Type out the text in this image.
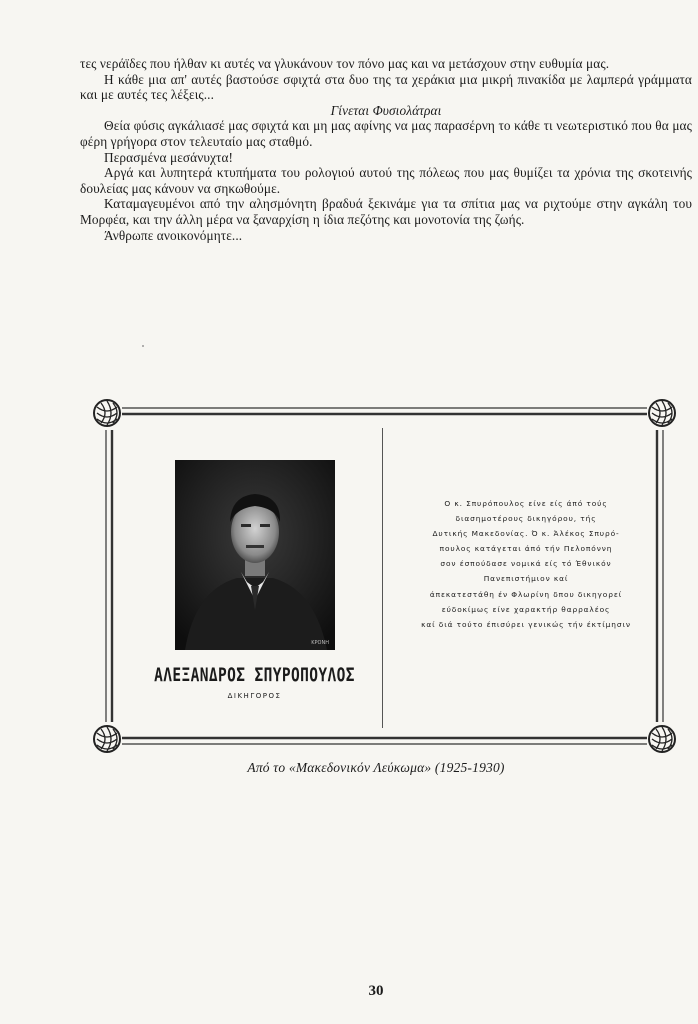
τες νεράϊδες που ήλθαν κι αυτές να γλυκάνουν τον πόνο μας και να μετάσχουν στην ευθυμία μας.

Η κάθε μια απ' αυτές βαστούσε σφιχτά στα δυο της τα χεράκια μια μικρή πινακίδα με λαμπερά γράμματα και με αυτές τες λέξεις...

Γίνεται Φυσιολάτραι

Θεία φύσις αγκάλιασέ μας σφιχτά και μη μας αφίνης να μας παρασέρνη το κάθε τι νεωτεριστικό που θα μας φέρη γρήγορα στον τελευταίο μας σταθμό.

Περασμένα μεσάνυχτα!

Αργά και λυπητερά κτυπήματα του ρολογιού αυτού της πόλεως που μας θυμίζει τα χρόνια της σκοτεινής δουλείας μας κάνουν να σηκωθούμε.

Καταμαγευμένοι από την αλησμόνητη βραδυά ξεκινάμε για τα σπίτια μας να ριχτούμε στην αγκάλη του Μορφέα, και την άλλη μέρα να ξαναρχίση η ίδια πεζότης και μονοτονία της ζωής.

Άνθρωπε ανοικονόμητε...

ΚΡΟΝΗ
ΑΛΕΞΑΝΔΡΟΣ ΣΠΥΡΟΠΟΥΛΟΣ
ΔΙΚΗΓΟΡΟΣ
Ο κ. Σπυρόπουλος είνε είς άπό τούς
διασημοτέρους δικηγόρου, τής
Δυτικής Μακεδονίας. Ό κ. Άλέκος Σπυρό-
πουλος κατάγεται άπό τήν Πελοπόννη
σον έσπούδασε νομικά είς τό Έθνικόν
Πανεπιστήμιον καί
άπεκατεστάθη έν Φλωρίνη δπου δικηγορεί
εύδοκίμως είνε χαρακτήρ θαρραλέος
καί διά τούτο έπισύρει γενικώς τήν έκτίμησιν
Από το «Μακεδονικόν Λεύκωμα» (1925-1930)
30
